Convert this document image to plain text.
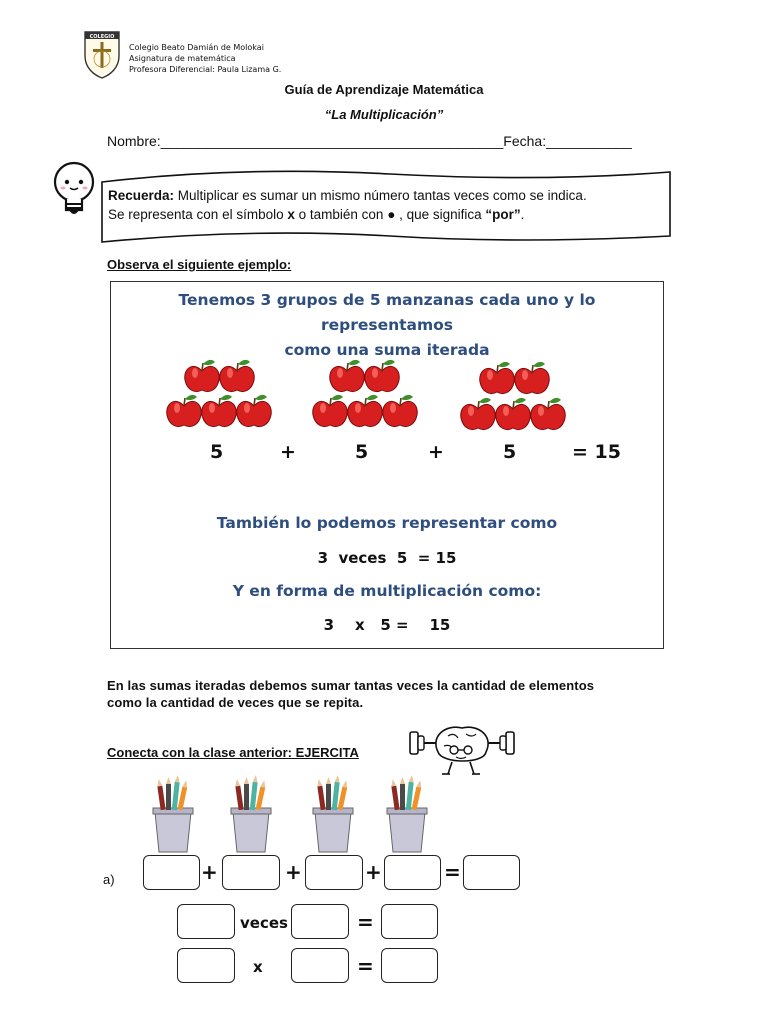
COLEGIO
Colegio Beato Damián de Molokai
Asignatura de matemática
Profesora Diferencial: Paula Lizama G.
Guía de Aprendizaje Matemática
“La Multiplicación”
Nombre:____________________________________________Fecha:___________
Recuerda: Multiplicar es sumar un mismo número tantas veces como se indica.
Se representa con el símbolo x o también con ● , que significa “por”.
Observa el siguiente ejemplo:
Tenemos 3 grupos de 5 manzanas cada uno y lo representamos
como una suma iterada
5	+	5	+	5	= 15
También lo podemos representar como
3  veces  5  = 15
Y en forma de multiplicación como:
3    x   5 =    15
En las sumas iteradas debemos sumar tantas veces la cantidad de elementos como la cantidad de veces que se repita.
Conecta con la clase anterior: EJERCITA
a)	+	+	+	=
veces	=
x	=
